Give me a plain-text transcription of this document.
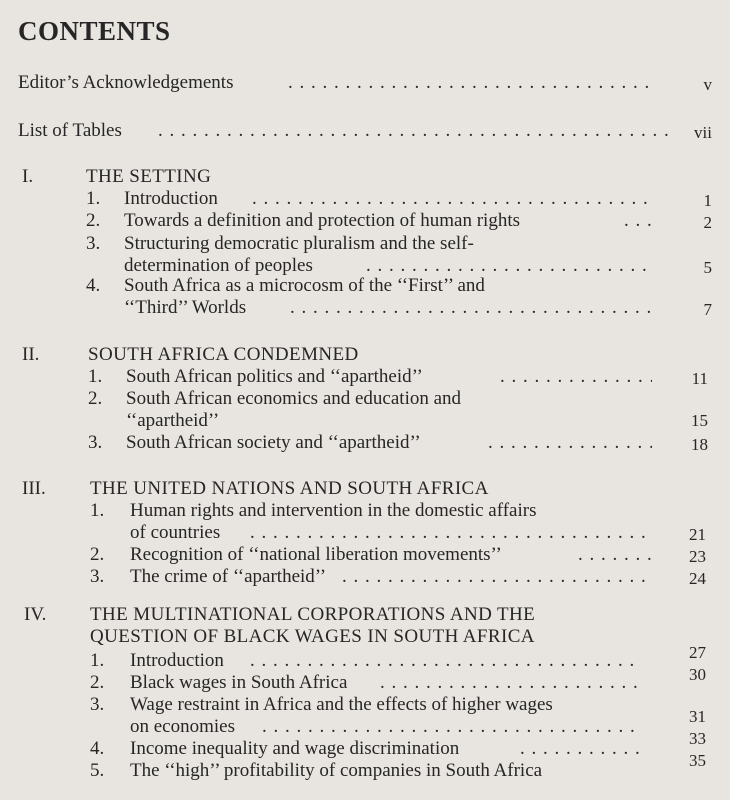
CONTENTS
Editor’s Acknowledgements . . .	v
List of Tables . . .	vii
I.	THE SETTING
1. Introduction . . .	1
2. Towards a definition and protection of human rights . . .	2
3. Structuring democratic pluralism and the self-
determination of peoples . . .	5
4. South Africa as a microcosm of the ‘‘First’’ and
‘‘Third’’ Worlds . . .	7
II.	SOUTH AFRICA CONDEMNED
1. South African politics and ‘‘apartheid’’ . . .	11
2. South African economics and education and
‘‘apartheid’’	15
3. South African society and ‘‘apartheid’’ . . .	18
III. THE UNITED NATIONS AND SOUTH AFRICA
1. Human rights and intervention in the domestic affairs
of countries . . .	21
2. Recognition of ‘‘national liberation movements’’ . . .	23
3. The crime of ‘‘apartheid’’ . . .	24
IV. THE MULTINATIONAL CORPORATIONS AND THE
QUESTION OF BLACK WAGES IN SOUTH AFRICA
1. Introduction . . .	27
2. Black wages in South Africa . . .	30
3. Wage restraint in Africa and the effects of higher wages
on economies . . .	31
4. Income inequality and wage discrimination . . .	33
5. The ‘‘high’’ profitability of companies in South Africa	35
